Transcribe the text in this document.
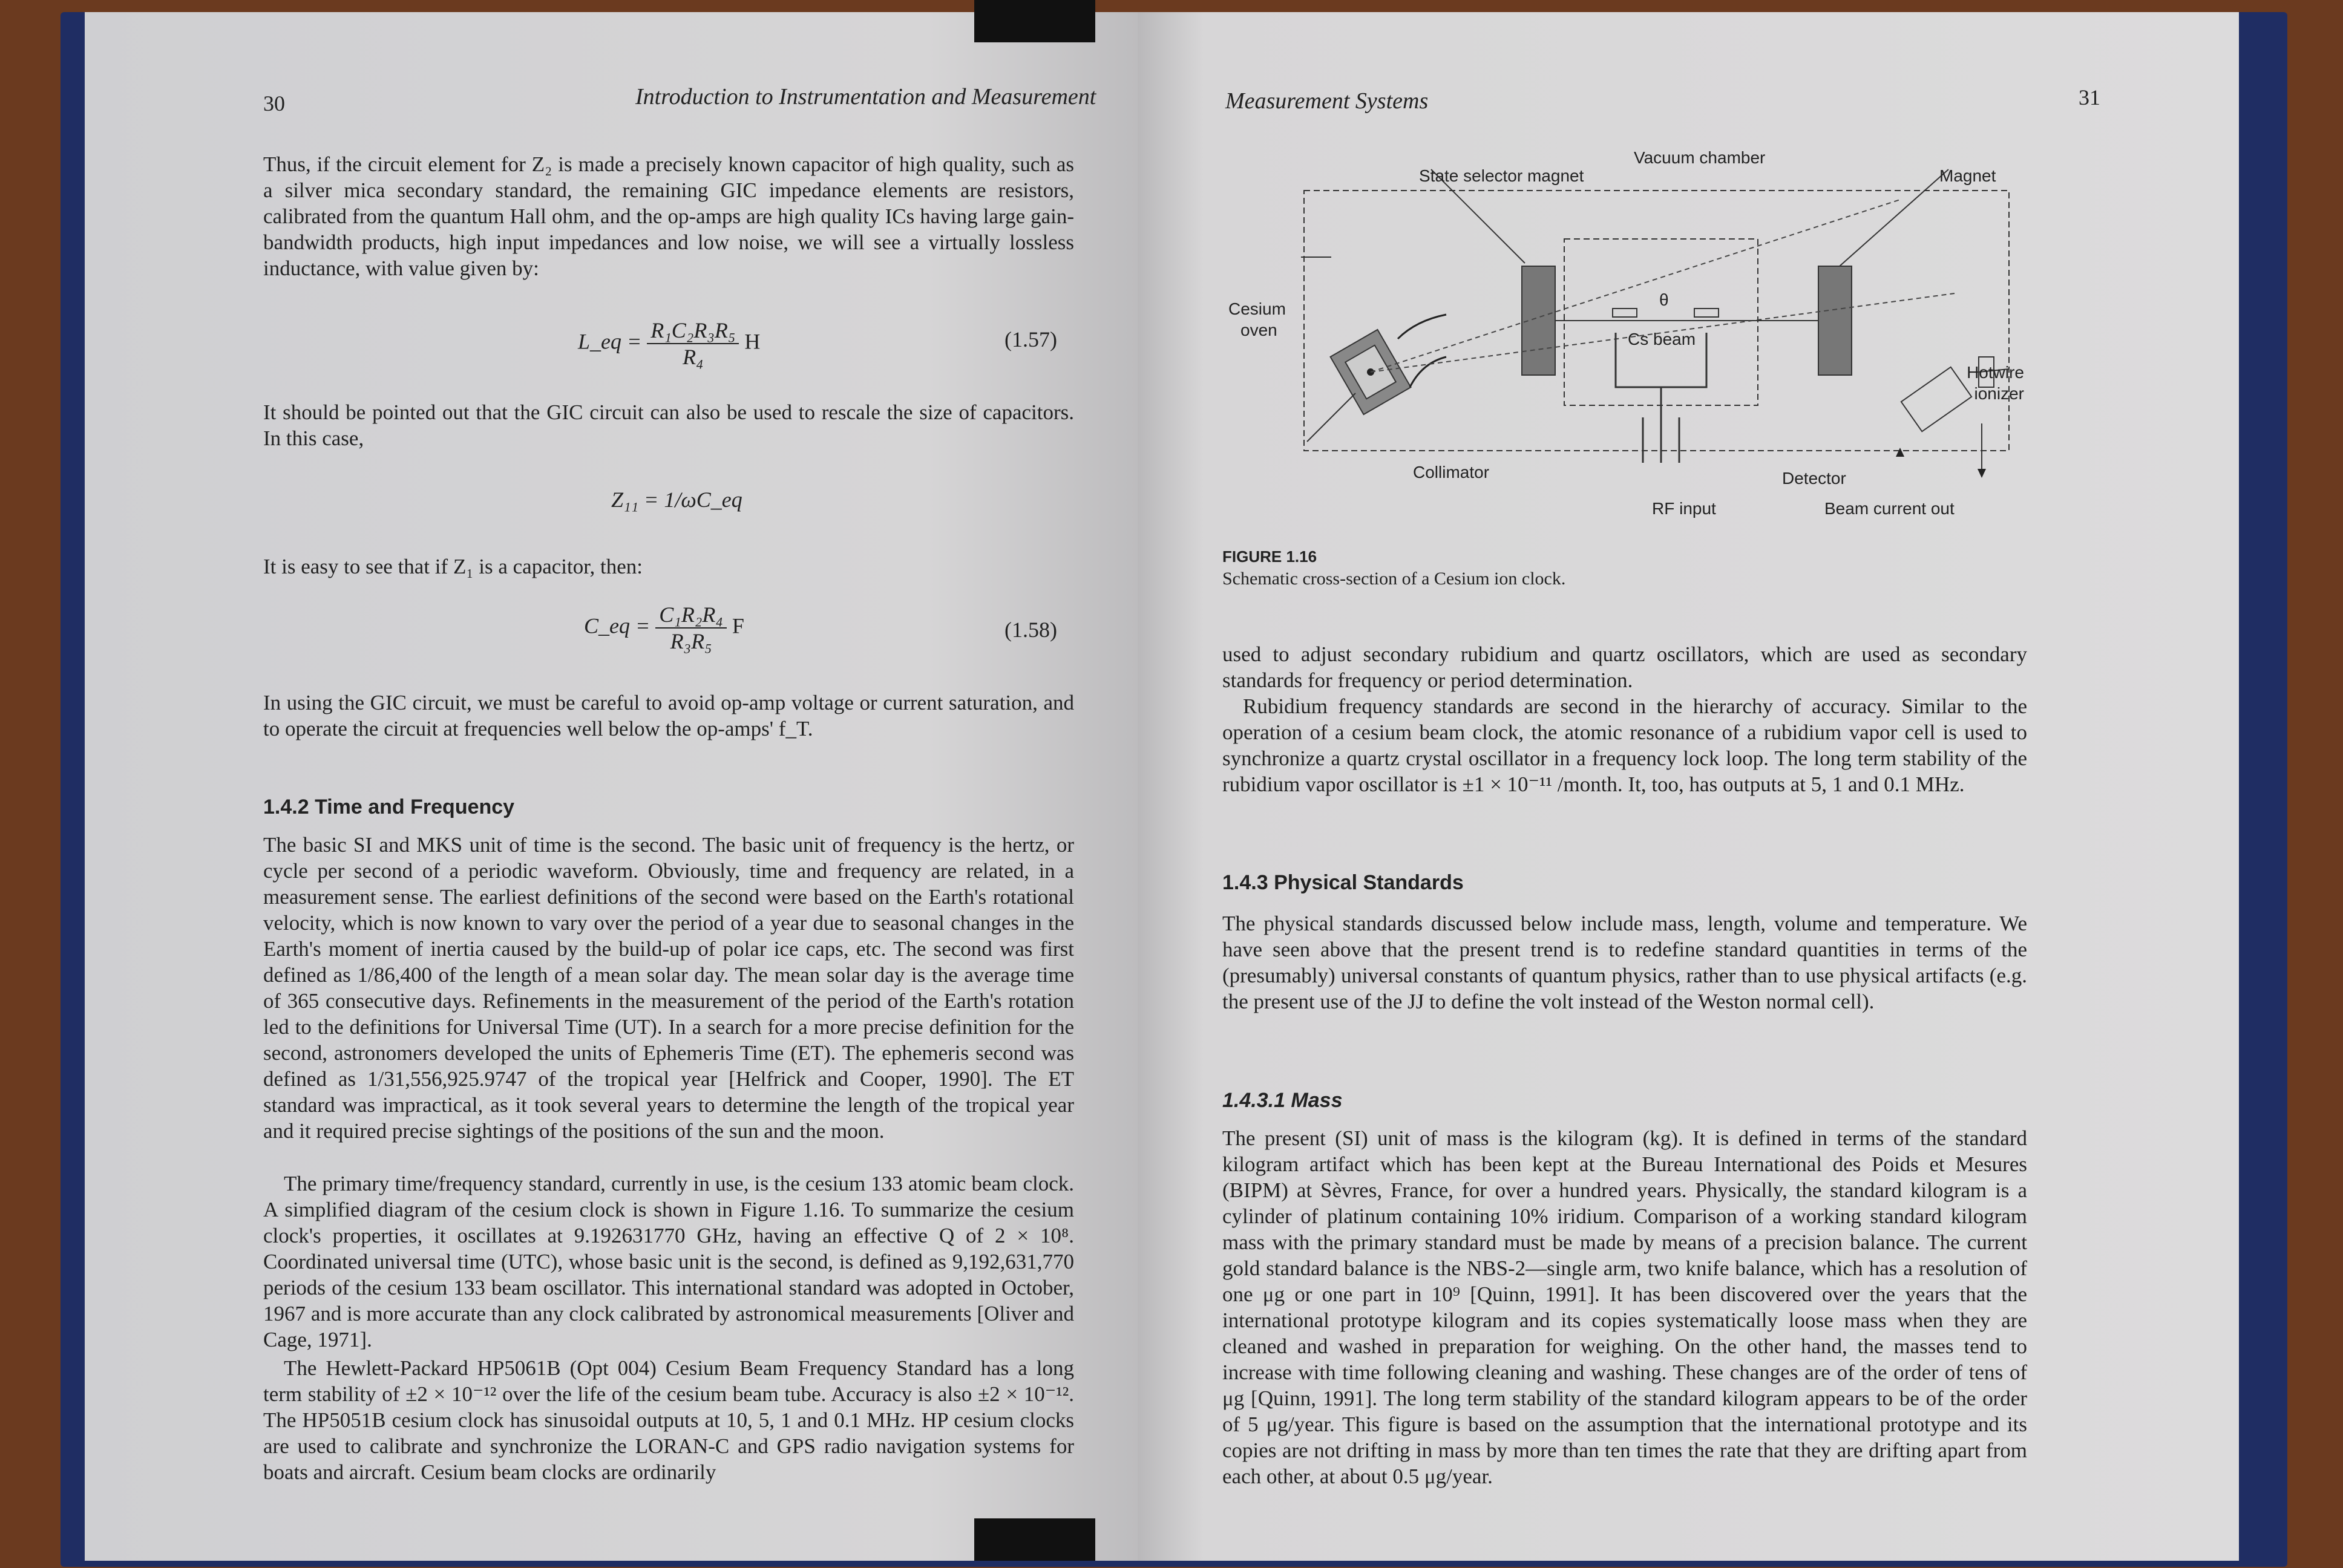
30	Introduction to Instrumentation and Measurement

Thus, if the circuit element for Z₂ is made a precisely known capacitor of high quality, such as a silver mica secondary standard, the remaining GIC impedance elements are resistors, calibrated from the quantum Hall ohm, and the op-amps are high quality ICs having large gain-bandwidth products, high input impedances and low noise, we will see a virtually lossless inductance, with value given by:

L_eq = $\frac{\text{R₁C₂R₃R₅}}{\text{R₄}}$ H	(1.57)

It should be pointed out that the GIC circuit can also be used to rescale the size of capacitors. In this case,

Z₁₁ = 1/ωC_eq

It is easy to see that if Z₁ is a capacitor, then:

C_eq = $\frac{\text{C₁R₂R₄}}{\text{R₃R₅}}$ F	(1.58)

In using the GIC circuit, we must be careful to avoid op-amp voltage or current saturation, and to operate the circuit at frequencies well below the op-amps' f_T.

1.4.2 Time and Frequency

The basic SI and MKS unit of time is the second. The basic unit of frequency is the hertz, or cycle per second of a periodic waveform. Obviously, time and frequency are related, in a measurement sense. The earliest definitions of the second were based on the Earth's rotational velocity, which is now known to vary over the period of a year due to seasonal changes in the Earth's moment of inertia caused by the build-up of polar ice caps, etc. The second was first defined as 1/86,400 of the length of a mean solar day. The mean solar day is the average time of 365 consecutive days. Refinements in the measurement of the period of the Earth's rotation led to the definitions for Universal Time (UT). In a search for a more precise definition for the second, astronomers developed the units of Ephemeris Time (ET). The ephemeris second was defined as 1/31,556,925.9747 of the tropical year [Helfrick and Cooper, 1990]. The ET standard was impractical, as it took several years to determine the length of the tropical year and it required precise sightings of the positions of the sun and the moon.

The primary time/frequency standard, currently in use, is the cesium 133 atomic beam clock. A simplified diagram of the cesium clock is shown in Figure 1.16. To summarize the cesium clock's properties, it oscillates at 9.192631770 GHz, having an effective Q of 2 × 10⁸. Coordinated universal time (UTC), whose basic unit is the second, is defined as 9,192,631,770 periods of the cesium 133 beam oscillator. This international standard was adopted in October, 1967 and is more accurate than any clock calibrated by astronomical measurements [Oliver and Cage, 1971].

The Hewlett-Packard HP5061B (Opt 004) Cesium Beam Frequency Standard has a long term stability of ±2 × 10⁻¹² over the life of the cesium beam tube. Accuracy is also ±2 × 10⁻¹². The HP5051B cesium clock has sinusoidal outputs at 10, 5, 1 and 0.1 MHz. HP cesium clocks are used to calibrate and synchronize the LORAN-C and GPS radio navigation systems for boats and aircraft. Cesium beam clocks are ordinarily

Measurement Systems	31
FIGURE 1.16
Schematic cross-section of a Cesium ion clock.

used to adjust secondary rubidium and quartz oscillators, which are used as secondary standards for frequency or period determination.

Rubidium frequency standards are second in the hierarchy of accuracy. Similar to the operation of a cesium beam clock, the atomic resonance of a rubidium vapor cell is used to synchronize a quartz crystal oscillator in a frequency lock loop. The long term stability of the rubidium vapor oscillator is ±1 × 10⁻¹¹ /month. It, too, has outputs at 5, 1 and 0.1 MHz.

1.4.3 Physical Standards

The physical standards discussed below include mass, length, volume and temperature. We have seen above that the present trend is to redefine standard quantities in terms of the (presumably) universal constants of quantum physics, rather than to use physical artifacts (e.g. the present use of the JJ to define the volt instead of the Weston normal cell).

1.4.3.1 Mass

The present (SI) unit of mass is the kilogram (kg). It is defined in terms of the standard kilogram artifact which has been kept at the Bureau International des Poids et Mesures (BIPM) at Sèvres, France, for over a hundred years. Physically, the standard kilogram is a cylinder of platinum containing 10% iridium. Comparison of a working standard kilogram mass with the primary standard must be made by means of a precision balance. The current gold standard balance is the NBS-2—single arm, two knife balance, which has a resolution of one μg or one part in 10⁹ [Quinn, 1991]. It has been discovered over the years that the international prototype kilogram and its copies systematically loose mass when they are cleaned and washed in preparation for weighing. On the other hand, the masses tend to increase with time following cleaning and washing. These changes are of the order of tens of μg [Quinn, 1991]. The long term stability of the standard kilogram appears to be of the order of 5 μg/year. This figure is based on the assumption that the international prototype and its copies are not drifting in mass by more than ten times the rate that they are drifting apart from each other, at about 0.5 μg/year.

Vacuum chamber
State selector magnet	Magnet
Cesium
oven
θ
Cs beam
Hotwire
ionizer
Collimator	Detector
RF input	Beam current out
